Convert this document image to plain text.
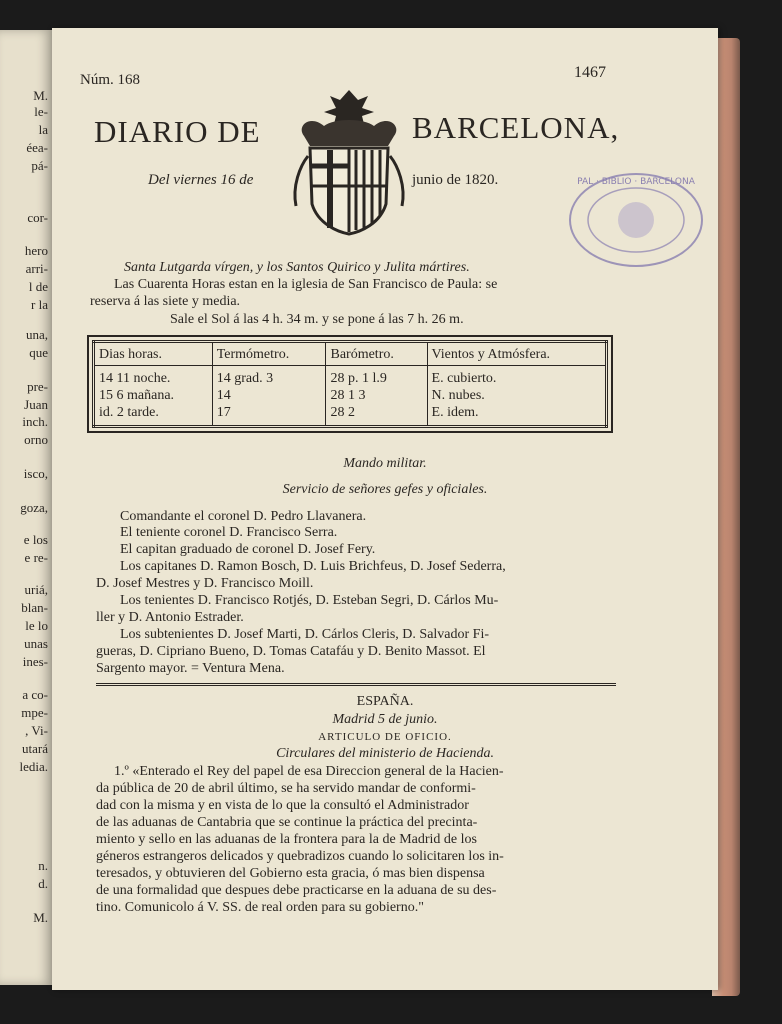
M.
le-
la
éea-
pá-
cor-
hero
arri-
l de
r la
una,
que
pre-
Juan
inch.
orno
isco,
goza,
e los
e re-
uriá,
blan-
le lo
unas
ines-
a co-
mpe-
, Vi-
utará
ledia.
n.
d.
M.
Núm. 168	1467
DIARIO DE	BARCELONA,
Del viernes 16 de	junio de 1820.	PAL · BIBLIO · BARCELONA
Santa Lutgarda vírgen, y los Santos Quirico y Julita mártires.
Las Cuarenta Horas estan en la iglesia de San Francisco de Paula: se
reserva á las siete y media.
Sale el Sol á las 4 h. 34 m. y se pone á las 7 h. 26 m.
Dias horas.	Termómetro.	Barómetro.	Vientos y Atmósfera.
14 11 noche.	14 grad. 3	28 p. 1 l.9	E. cubierto.
15 6 mañana.	14	28 1 3	N. nubes.
id. 2 tarde.	17	28 2	E. idem.
Mando militar.
Servicio de señores gefes y oficiales.
Comandante el coronel D. Pedro Llavanera.
El teniente coronel D. Francisco Serra.
El capitan graduado de coronel D. Josef Fery.
Los capitanes D. Ramon Bosch, D. Luis Brichfeus, D. Josef Sederra,
D. Josef Mestres y D. Francisco Moill.
Los tenientes D. Francisco Rotjés, D. Esteban Segri, D. Cárlos Mu-
ller y D. Antonio Estrader.
Los subtenientes D. Josef Marti, D. Cárlos Cleris, D. Salvador Fi-
gueras, D. Cipriano Bueno, D. Tomas Catafáu y D. Benito Massot. El
Sargento mayor. = Ventura Mena.
ESPAÑA.
Madrid 5 de junio.
ARTICULO DE OFICIO.
Circulares del ministerio de Hacienda.
1.º «Enterado el Rey del papel de esa Direccion general de la Hacien-
da pública de 20 de abril último, se ha servido mandar de conformi-
dad con la misma y en vista de lo que la consultó el Administrador
de las aduanas de Cantabria que se continue la práctica del precinta-
miento y sello en las aduanas de la frontera para la de Madrid de los
géneros estrangeros delicados y quebradizos cuando lo solicitaren los in-
teresados, y obtuvieren del Gobierno esta gracia, ó mas bien dispensa
de una formalidad que despues debe practicarse en la aduana de su des-
tino. Comunicolo á V. SS. de real orden para su gobierno."
